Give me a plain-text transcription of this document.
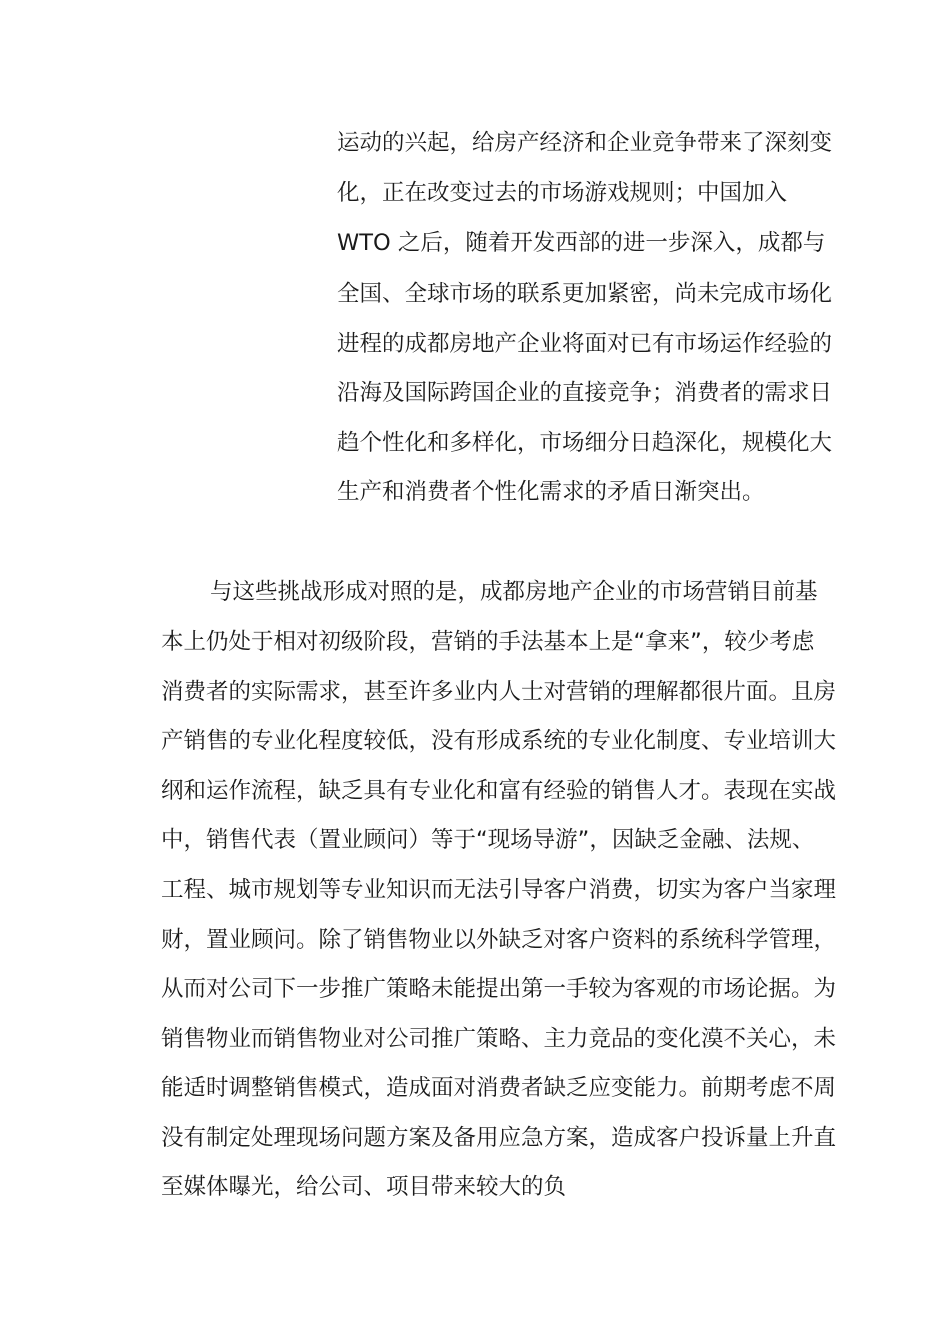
运动的兴起，给房产经济和企业竞争带来了深刻变

化，正在改变过去的市场游戏规则；中国加入

WTO 之后，随着开发西部的进一步深入，成都与

全国、全球市场的联系更加紧密，尚未完成市场化

进程的成都房地产企业将面对已有市场运作经验的

沿海及国际跨国企业的直接竞争；消费者的需求日

趋个性化和多样化，市场细分日趋深化，规模化大

生产和消费者个性化需求的矛盾日渐突出。

与这些挑战形成对照的是，成都房地产企业的市场营销目前基

本上仍处于相对初级阶段，营销的手法基本上是“拿来”，较少考虑

消费者的实际需求，甚至许多业内人士对营销的理解都很片面。且房

产销售的专业化程度较低，没有形成系统的专业化制度、专业培训大

纲和运作流程，缺乏具有专业化和富有经验的销售人才。表现在实战

中，销售代表（置业顾问）等于“现场导游”，因缺乏金融、法规、

工程、城市规划等专业知识而无法引导客户消费，切实为客户当家理

财，置业顾问。除了销售物业以外缺乏对客户资料的系统科学管理，

从而对公司下一步推广策略未能提出第一手较为客观的市场论据。为

销售物业而销售物业对公司推广策略、主力竞品的变化漠不关心，未

能适时调整销售模式，造成面对消费者缺乏应变能力。前期考虑不周

没有制定处理现场问题方案及备用应急方案，造成客户投诉量上升直

至媒体曝光，给公司、项目带来较大的负
